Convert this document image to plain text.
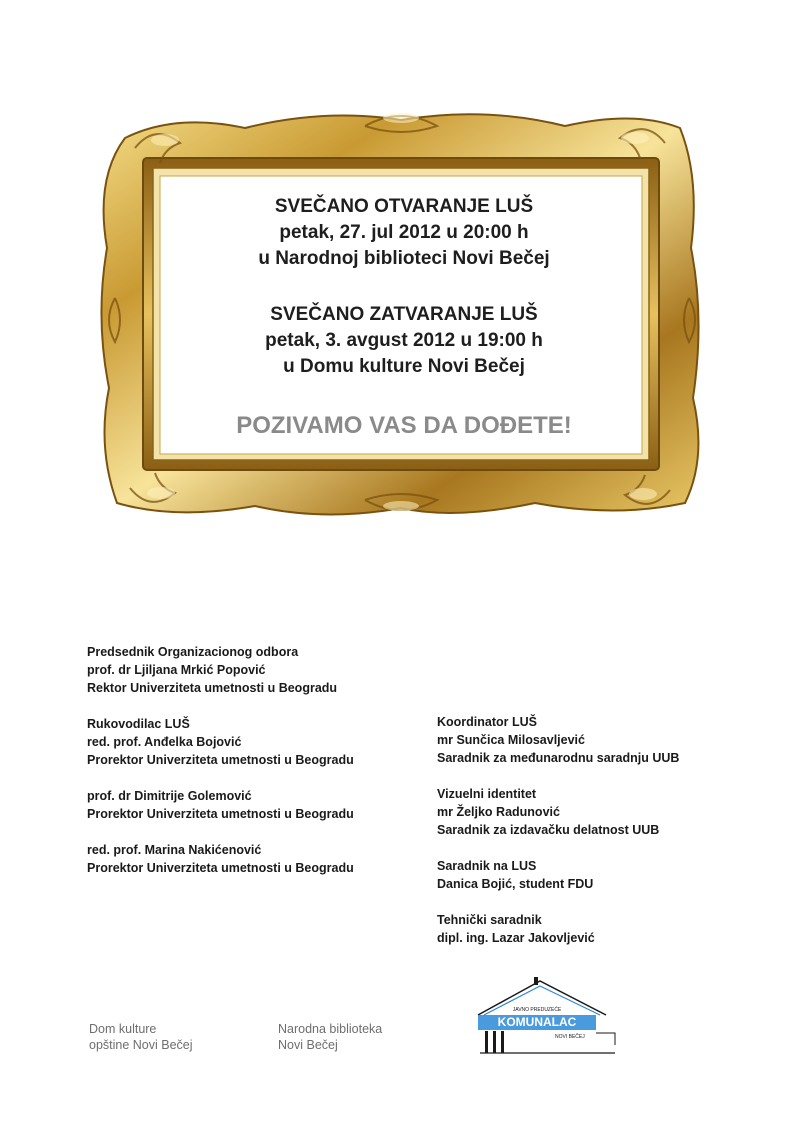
SVEČANO OTVARANJE LUŠ
petak, 27. jul 2012 u 20:00 h
u Narodnoj biblioteci Novi Bečej
SVEČANO ZATVARANJE LUŠ
petak, 3. avgust 2012 u 19:00 h
u Domu kulture Novi Bečej
POZIVAMO VAS DA DOĐETE!
Predsednik Organizacionog odbora
prof. dr Ljiljana Mrkić Popović
Rektor Univerziteta umetnosti u Beogradu
Rukovodilac LUŠ
red. prof. Anđelka Bojović
Prorektor Univerziteta umetnosti u Beogradu
prof. dr Dimitrije Golemović
Prorektor Univerziteta umetnosti u Beogradu
red. prof. Marina Nakićenović
Prorektor Univerziteta umetnosti u Beogradu
Koordinator LUŠ
mr Sunčica Milosavljević
Saradnik za međunarodnu saradnju UUB
Vizuelni identitet
mr Željko Radunović
Saradnik za izdavačku delatnost UUB
Saradnik na LUS
Danica Bojić, student FDU
Tehnički saradnik
dipl. ing. Lazar Jakovljević
Dom kulture
opštine Novi Bečej
Narodna biblioteka
Novi Bečej
JAVNO PREDUZEĆE
KOMUNALAC
NOVI BEČEJ
